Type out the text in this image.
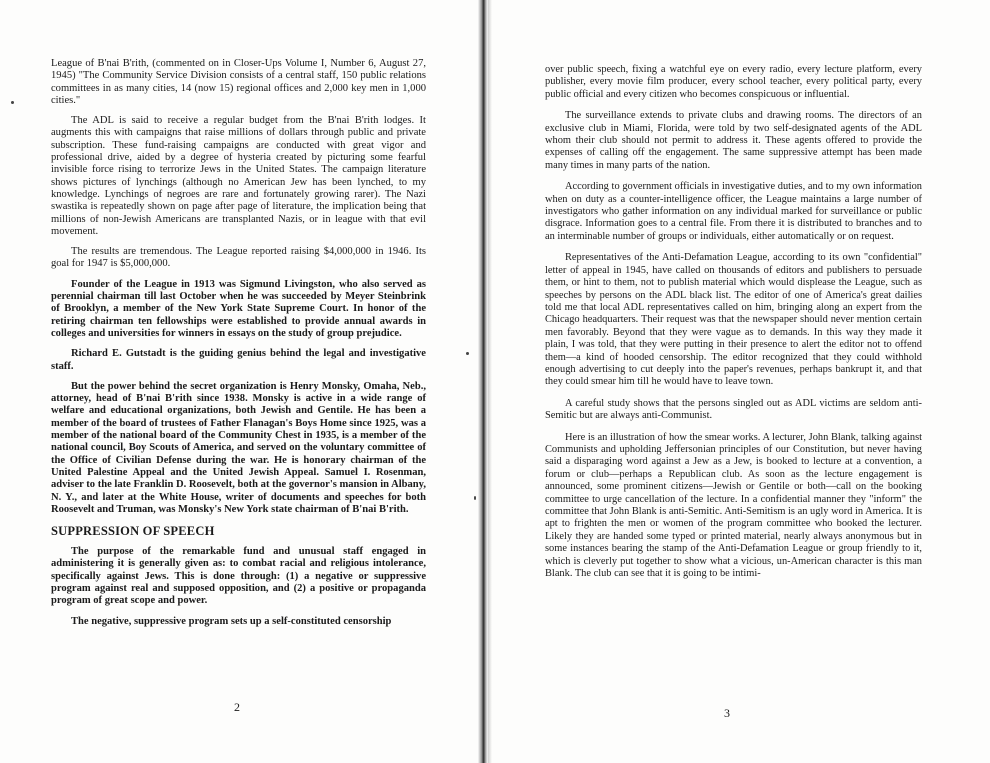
League of B'nai B'rith, (commented on in Closer-Ups Volume I, Number 6, August 27, 1945) "The Community Service Division consists of a central staff, 150 public relations committees in as many cities, 14 (now 15) regional offices and 2,000 key men in 1,000 cities."

The ADL is said to receive a regular budget from the B'nai B'rith lodges. It augments this with campaigns that raise millions of dollars through public and private subscription. These fund-raising campaigns are conducted with great vigor and professional drive, aided by a degree of hysteria created by picturing some fearful invisible force rising to terrorize Jews in the United States. The campaign literature shows pictures of lynchings (although no American Jew has been lynched, to my knowledge. Lynchings of negroes are rare and fortunately growing rarer). The Nazi swastika is repeatedly shown on page after page of literature, the implication being that millions of non-Jewish Americans are transplanted Nazis, or in league with that evil movement.

The results are tremendous. The League reported raising $4,000,000 in 1946. Its goal for 1947 is $5,000,000.

Founder of the League in 1913 was Sigmund Livingston, who also served as perennial chairman till last October when he was succeeded by Meyer Steinbrink of Brooklyn, a member of the New York State Supreme Court. In honor of the retiring chairman ten fellowships were established to provide annual awards in colleges and universities for winners in essays on the study of group prejudice.

Richard E. Gutstadt is the guiding genius behind the legal and investigative staff.

But the power behind the secret organization is Henry Monsky, Omaha, Neb., attorney, head of B'nai B'rith since 1938. Monsky is active in a wide range of welfare and educational organizations, both Jewish and Gentile. He has been a member of the board of trustees of Father Flanagan's Boys Home since 1925, was a member of the national board of the Community Chest in 1935, is a member of the national council, Boy Scouts of America, and served on the voluntary committee of the Office of Civilian Defense during the war. He is honorary chairman of the United Palestine Appeal and the United Jewish Appeal. Samuel I. Rosenman, adviser to the late Franklin D. Roosevelt, both at the governor's mansion in Albany, N. Y., and later at the White House, writer of documents and speeches for both Roosevelt and Truman, was Monsky's New York state chairman of B'nai B'rith.

SUPPRESSION OF SPEECH

The purpose of the remarkable fund and unusual staff engaged in administering it is generally given as: to combat racial and religious intolerance, specifically against Jews. This is done through: (1) a negative or suppressive program against real and supposed opposition, and (2) a positive or propaganda program of great scope and power.

The negative, suppressive program sets up a self-constituted censorship

2

over public speech, fixing a watchful eye on every radio, every lecture platform, every publisher, every movie film producer, every school teacher, every political party, every public official and every citizen who becomes conspicuous or influential.

The surveillance extends to private clubs and drawing rooms. The directors of an exclusive club in Miami, Florida, were told by two self-designated agents of the ADL whom their club should not permit to address it. These agents offered to provide the expenses of calling off the engagement. The same suppressive attempt has been made many times in many parts of the nation.

According to government officials in investigative duties, and to my own information when on duty as a counter-intelligence officer, the League maintains a large number of investigators who gather information on any individual marked for surveillance or public disgrace. Information goes to a central file. From there it is distributed to branches and to an interminable number of groups or individuals, either automatically or on request.

Representatives of the Anti-Defamation League, according to its own "confidential" letter of appeal in 1945, have called on thousands of editors and publishers to persuade them, or hint to them, not to publish material which would displease the League, such as speeches by persons on the ADL black list. The editor of one of America's great dailies told me that local ADL representatives called on him, bringing along an expert from the Chicago headquarters. Their request was that the newspaper should never mention certain men favorably. Beyond that they were vague as to demands. In this way they made it plain, I was told, that they were putting in their presence to alert the editor not to offend them—a kind of hooded censorship. The editor recognized that they could withhold enough advertising to cut deeply into the paper's revenues, perhaps bankrupt it, and that they could smear him till he would have to leave town.

A careful study shows that the persons singled out as ADL victims are seldom anti-Semitic but are always anti-Communist.

Here is an illustration of how the smear works. A lecturer, John Blank, talking against Communists and upholding Jeffersonian principles of our Constitution, but never having said a disparaging word against a Jew as a Jew, is booked to lecture at a convention, a forum or club—perhaps a Republican club. As soon as the lecture engagement is announced, some prominent citizens—Jewish or Gentile or both—call on the booking committee to urge cancellation of the lecture. In a confidential manner they "inform" the committee that John Blank is anti-Semitic. Anti-Semitism is an ugly word in America. It is apt to frighten the men or women of the program committee who booked the lecturer. Likely they are handed some typed or printed material, nearly always anonymous but in some instances bearing the stamp of the Anti-Defamation League or group friendly to it, which is cleverly put together to show what a vicious, un-American character is this man Blank. The club can see that it is going to be intimi-

3
